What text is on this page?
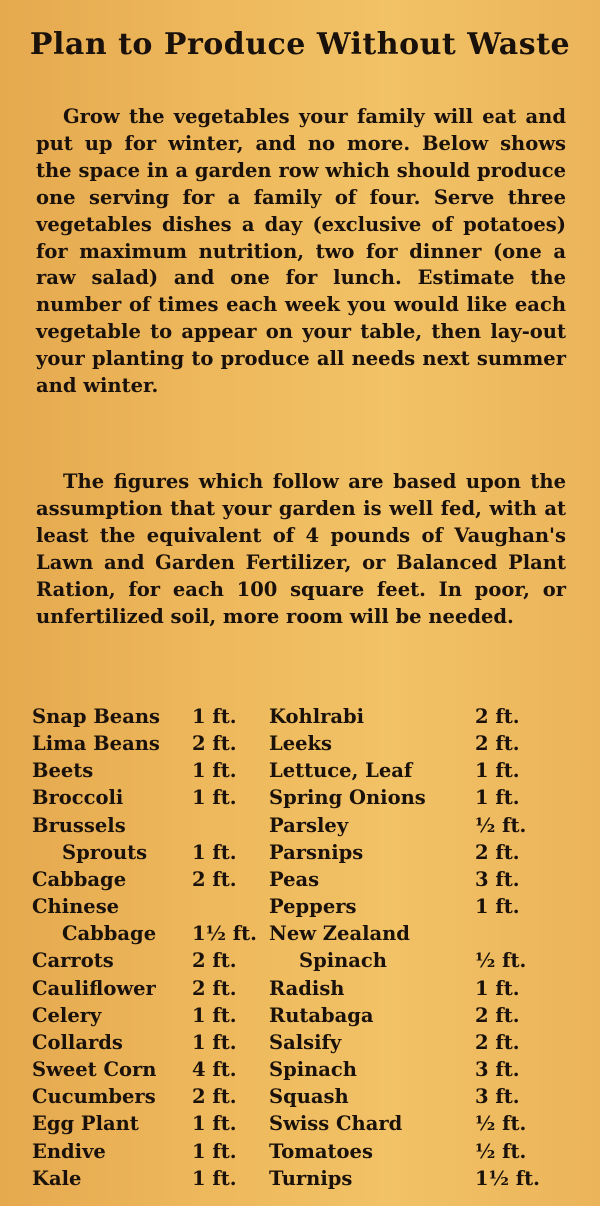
Plan to Produce Without Waste

Grow the vegetables your family will eat and put up for winter, and no more. Below shows the space in a garden row which should produce one serving for a family of four. Serve three vegetables dishes a day (exclusive of potatoes) for maximum nutrition, two for dinner (one a raw salad) and one for lunch. Estimate the number of times each week you would like each vegetable to appear on your table, then lay-out your planting to produce all needs next summer and winter.

The figures which follow are based upon the assumption that your garden is well fed, with at least the equivalent of 4 pounds of Vaughan's Lawn and Garden Fertilizer, or Balanced Plant Ration, for each 100 square feet. In poor, or unfertilized soil, more room will be needed.

Snap Beans 1 ft. Kohlrabi	2 ft.
Lima Beans 2 ft. Leeks	2 ft.
Beets	1 ft. Lettuce, Leaf	1 ft.
Broccoli	1 ft. Spring Onions	1 ft.
Brussels	Parsley	½ ft.
Sprouts 1 ft. Parsnips	2 ft.
Cabbage	2 ft. Peas	3 ft.
Chinese	Peppers	1 ft.
Cabbage 1½ ft. New Zealand
Carrots	2 ft.	Spinach	½ ft.
Cauliflower 2 ft. Radish	1 ft.
Celery	1 ft. Rutabaga	2 ft.
Collards	1 ft. Salsify	2 ft.
Sweet Corn 4 ft. Spinach	3 ft.
Cucumbers 2 ft. Squash	3 ft.
Egg Plant	1 ft. Swiss Chard	½ ft.
Endive	1 ft. Tomatoes	½ ft.
Kale	1 ft. Turnips	1½ ft.
